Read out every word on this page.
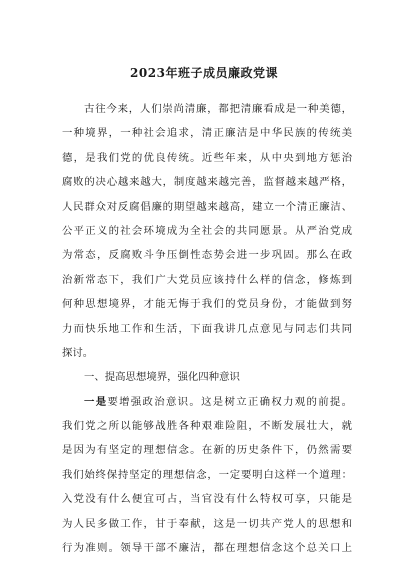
2023年班子成员廉政党课
古往今来，人们崇尚清廉，都把清廉看成是一种美德，
一种境界，一种社会追求，清正廉洁是中华民族的传统美
德，是我们党的优良传统。近些年来，从中央到地方惩治
腐败的决心越来越大，制度越来越完善，监督越来越严格，
人民群众对反腐倡廉的期望越来越高，建立一个清正廉洁、
公平正义的社会环境成为全社会的共同愿景。从严治党成
为常态，反腐败斗争压倒性态势会进一步巩固。那么在政
治新常态下，我们广大党员应该持什么样的信念，修炼到
何种思想境界，才能无悔于我们的党员身份，才能做到努
力而快乐地工作和生活，下面我讲几点意见与同志们共同
探讨。
一、提高思想境界，强化四种意识
一是要增强政治意识。这是树立正确权力观的前提。
我们党之所以能够战胜各种艰难险阻，不断发展壮大，就
是因为有坚定的理想信念。在新的历史条件下，仍然需要
我们始终保持坚定的理想信念，一定要明白这样一个道理：
入党没有什么便宜可占，当官没有什么特权可享，只能是
为人民多做工作，甘于奉献，这是一切共产党人的思想和
行为准则。领导干部不廉洁，都在理想信念这个总关口上
